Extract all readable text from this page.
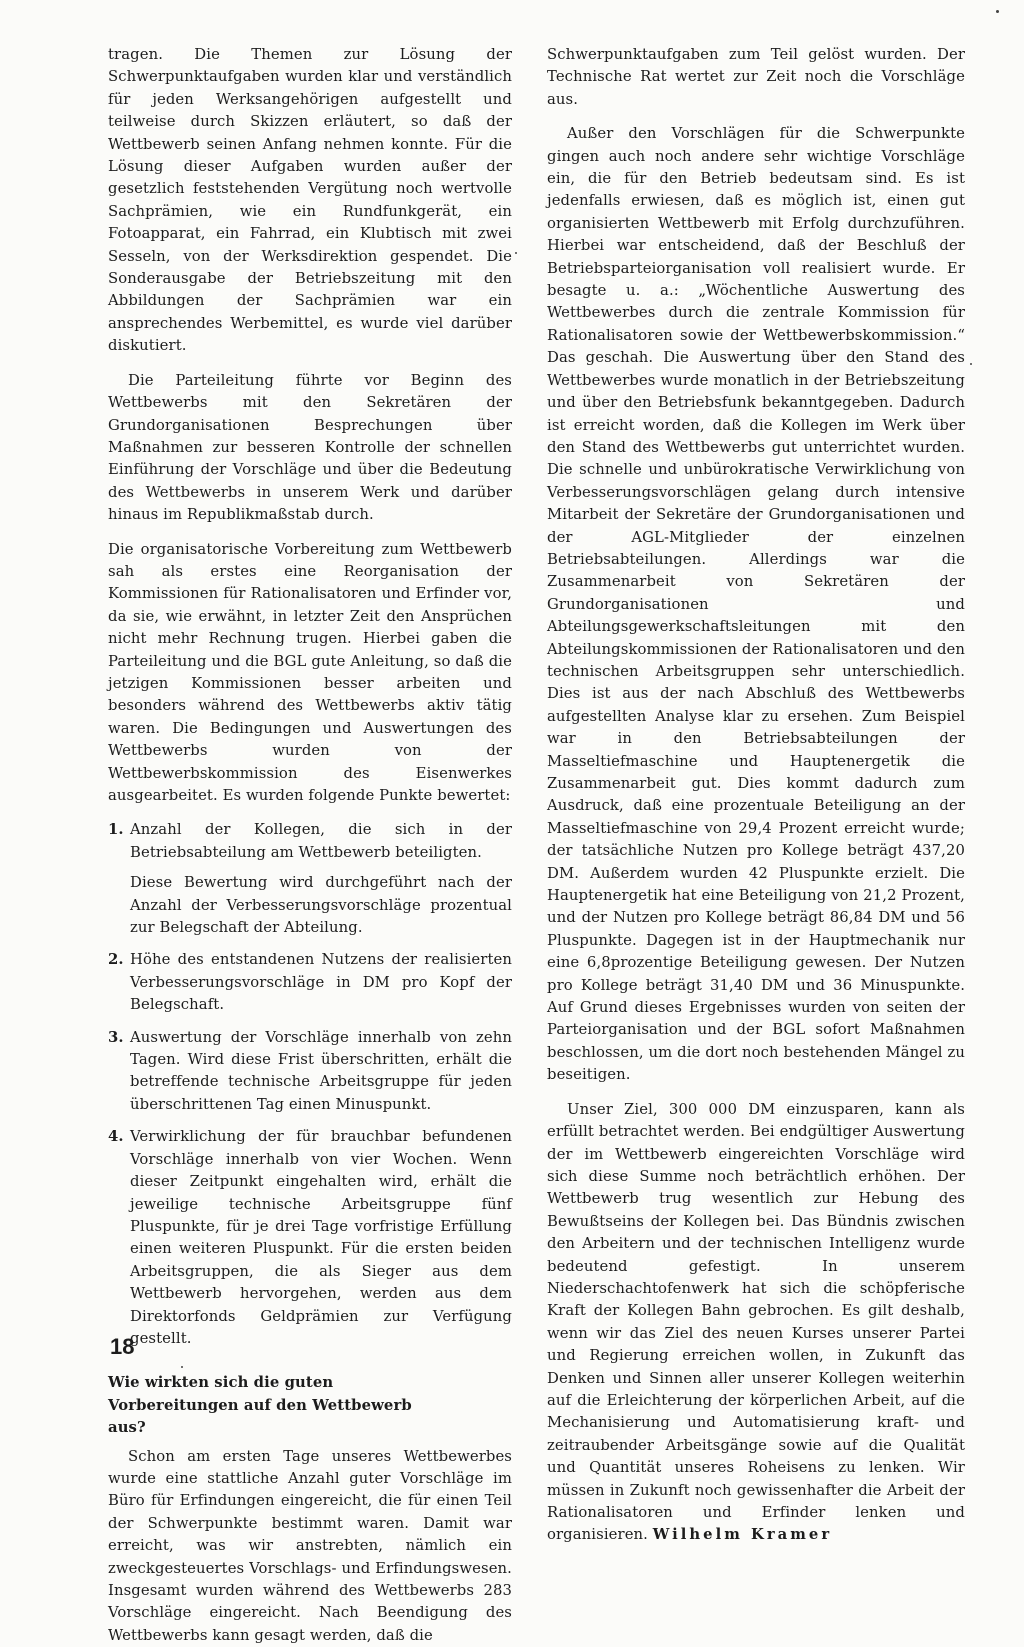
tragen. Die Themen zur Lösung der Schwerpunktaufgaben wurden klar und verständlich für jeden Werksangehörigen aufgestellt und teilweise durch Skizzen erläutert, so daß der Wettbewerb seinen Anfang nehmen konnte. Für die Lösung dieser Aufgaben wurden außer der gesetzlich feststehenden Vergütung noch wertvolle Sachprämien, wie ein Rundfunkgerät, ein Fotoapparat, ein Fahrrad, ein Klubtisch mit zwei Sesseln, von der Werksdirektion gespendet. Die Sonderausgabe der Betriebszeitung mit den Abbildungen der Sachprämien war ein ansprechendes Werbemittel, es wurde viel darüber diskutiert.

Die Parteileitung führte vor Beginn des Wettbewerbs mit den Sekretären der Grundorganisationen Besprechungen über Maßnahmen zur besseren Kontrolle der schnellen Einführung der Vorschläge und über die Bedeutung des Wettbewerbs in unserem Werk und darüber hinaus im Republikmaßstab durch.

Die organisatorische Vorbereitung zum Wettbewerb sah als erstes eine Reorganisation der Kommissionen für Rationalisatoren und Erfinder vor, da sie, wie erwähnt, in letzter Zeit den Ansprüchen nicht mehr Rechnung trugen. Hierbei gaben die Parteileitung und die BGL gute Anleitung, so daß die jetzigen Kommissionen besser arbeiten und besonders während des Wettbewerbs aktiv tätig waren. Die Bedingungen und Auswertungen des Wettbewerbs wurden von der Wettbewerbskommission des Eisenwerkes ausgearbeitet. Es wurden folgende Punkte bewertet:

1. Anzahl der Kollegen, die sich in der Betriebsabteilung am Wettbewerb beteiligten.
Diese Bewertung wird durchgeführt nach der Anzahl der Verbesserungsvorschläge prozentual zur Belegschaft der Abteilung.
2. Höhe des entstandenen Nutzens der realisierten Verbesserungsvorschläge in DM pro Kopf der Belegschaft.
3. Auswertung der Vorschläge innerhalb von zehn Tagen. Wird diese Frist überschritten, erhält die betreffende technische Arbeitsgruppe für jeden überschrittenen Tag einen Minuspunkt.
4. Verwirklichung der für brauchbar befundenen Vorschläge innerhalb von vier Wochen. Wenn dieser Zeitpunkt eingehalten wird, erhält die jeweilige technische Arbeitsgruppe fünf Pluspunkte, für je drei Tage vorfristige Erfüllung einen weiteren Pluspunkt. Für die ersten beiden Arbeitsgruppen, die als Sieger aus dem Wettbewerb hervorgehen, werden aus dem Direktorfonds Geldprämien zur Verfügung gestellt.
Wie wirkten sich die guten Vorbereitungen auf den Wettbewerb aus?

Schon am ersten Tage unseres Wettbewerbes wurde eine stattliche Anzahl guter Vorschläge im Büro für Erfindungen eingereicht, die für einen Teil der Schwerpunkte bestimmt waren. Damit war erreicht, was wir anstrebten, nämlich ein zweckgesteuertes Vorschlags- und Erfindungswesen. Insgesamt wurden während des Wettbewerbs 283 Vorschläge eingereicht. Nach Beendigung des Wettbewerbs kann gesagt werden, daß die

Schwerpunktaufgaben zum Teil gelöst wurden. Der Technische Rat wertet zur Zeit noch die Vorschläge aus.

Außer den Vorschlägen für die Schwerpunkte gingen auch noch andere sehr wichtige Vorschläge ein, die für den Betrieb bedeutsam sind. Es ist jedenfalls erwiesen, daß es möglich ist, einen gut organisierten Wettbewerb mit Erfolg durchzuführen. Hierbei war entscheidend, daß der Beschluß der Betriebsparteiorganisation voll realisiert wurde. Er besagte u. a.: „Wöchentliche Auswertung des Wettbewerbes durch die zentrale Kommission für Rationalisatoren sowie der Wettbewerbskommission.“ Das geschah. Die Auswertung über den Stand des Wettbewerbes wurde monatlich in der Betriebszeitung und über den Betriebsfunk bekanntgegeben. Dadurch ist erreicht worden, daß die Kollegen im Werk über den Stand des Wettbewerbs gut unterrichtet wurden. Die schnelle und unbürokratische Verwirklichung von Verbesserungsvorschlägen gelang durch intensive Mitarbeit der Sekretäre der Grundorganisationen und der AGL-Mitglieder der einzelnen Betriebsabteilungen. Allerdings war die Zusammenarbeit von Sekretären der Grundorganisationen und Abteilungsgewerkschaftsleitungen mit den Abteilungskommissionen der Rationalisatoren und den technischen Arbeitsgruppen sehr unterschiedlich. Dies ist aus der nach Abschluß des Wettbewerbs aufgestellten Analyse klar zu ersehen. Zum Beispiel war in den Betriebsabteilungen der Masseltiefmaschine und Hauptenergetik die Zusammenarbeit gut. Dies kommt dadurch zum Ausdruck, daß eine prozentuale Beteiligung an der Masseltiefmaschine von 29,4 Prozent erreicht wurde; der tatsächliche Nutzen pro Kollege beträgt 437,20 DM. Außerdem wurden 42 Pluspunkte erzielt. Die Hauptenergetik hat eine Beteiligung von 21,2 Prozent, und der Nutzen pro Kollege beträgt 86,84 DM und 56 Pluspunkte. Dagegen ist in der Hauptmechanik nur eine 6,8prozentige Beteiligung gewesen. Der Nutzen pro Kollege beträgt 31,40 DM und 36 Minuspunkte. Auf Grund dieses Ergebnisses wurden von seiten der Parteiorganisation und der BGL sofort Maßnahmen beschlossen, um die dort noch bestehenden Mängel zu beseitigen.

Unser Ziel, 300 000 DM einzusparen, kann als erfüllt betrachtet werden. Bei endgültiger Auswertung der im Wettbewerb eingereichten Vorschläge wird sich diese Summe noch beträchtlich erhöhen. Der Wettbewerb trug wesentlich zur Hebung des Bewußtseins der Kollegen bei. Das Bündnis zwischen den Arbeitern und der technischen Intelligenz wurde bedeutend gefestigt. In unserem Niederschachtofenwerk hat sich die schöpferische Kraft der Kollegen Bahn gebrochen. Es gilt deshalb, wenn wir das Ziel des neuen Kurses unserer Partei und Regierung erreichen wollen, in Zukunft das Denken und Sinnen aller unserer Kollegen weiterhin auf die Erleichterung der körperlichen Arbeit, auf die Mechanisierung und Automatisierung kraft- und zeitraubender Arbeitsgänge sowie auf die Qualität und Quantität unseres Roheisens zu lenken. Wir müssen in Zukunft noch gewissenhafter die Arbeit der Rationalisatoren und Erfinder lenken und organisieren. Wilhelm Kramer

18
